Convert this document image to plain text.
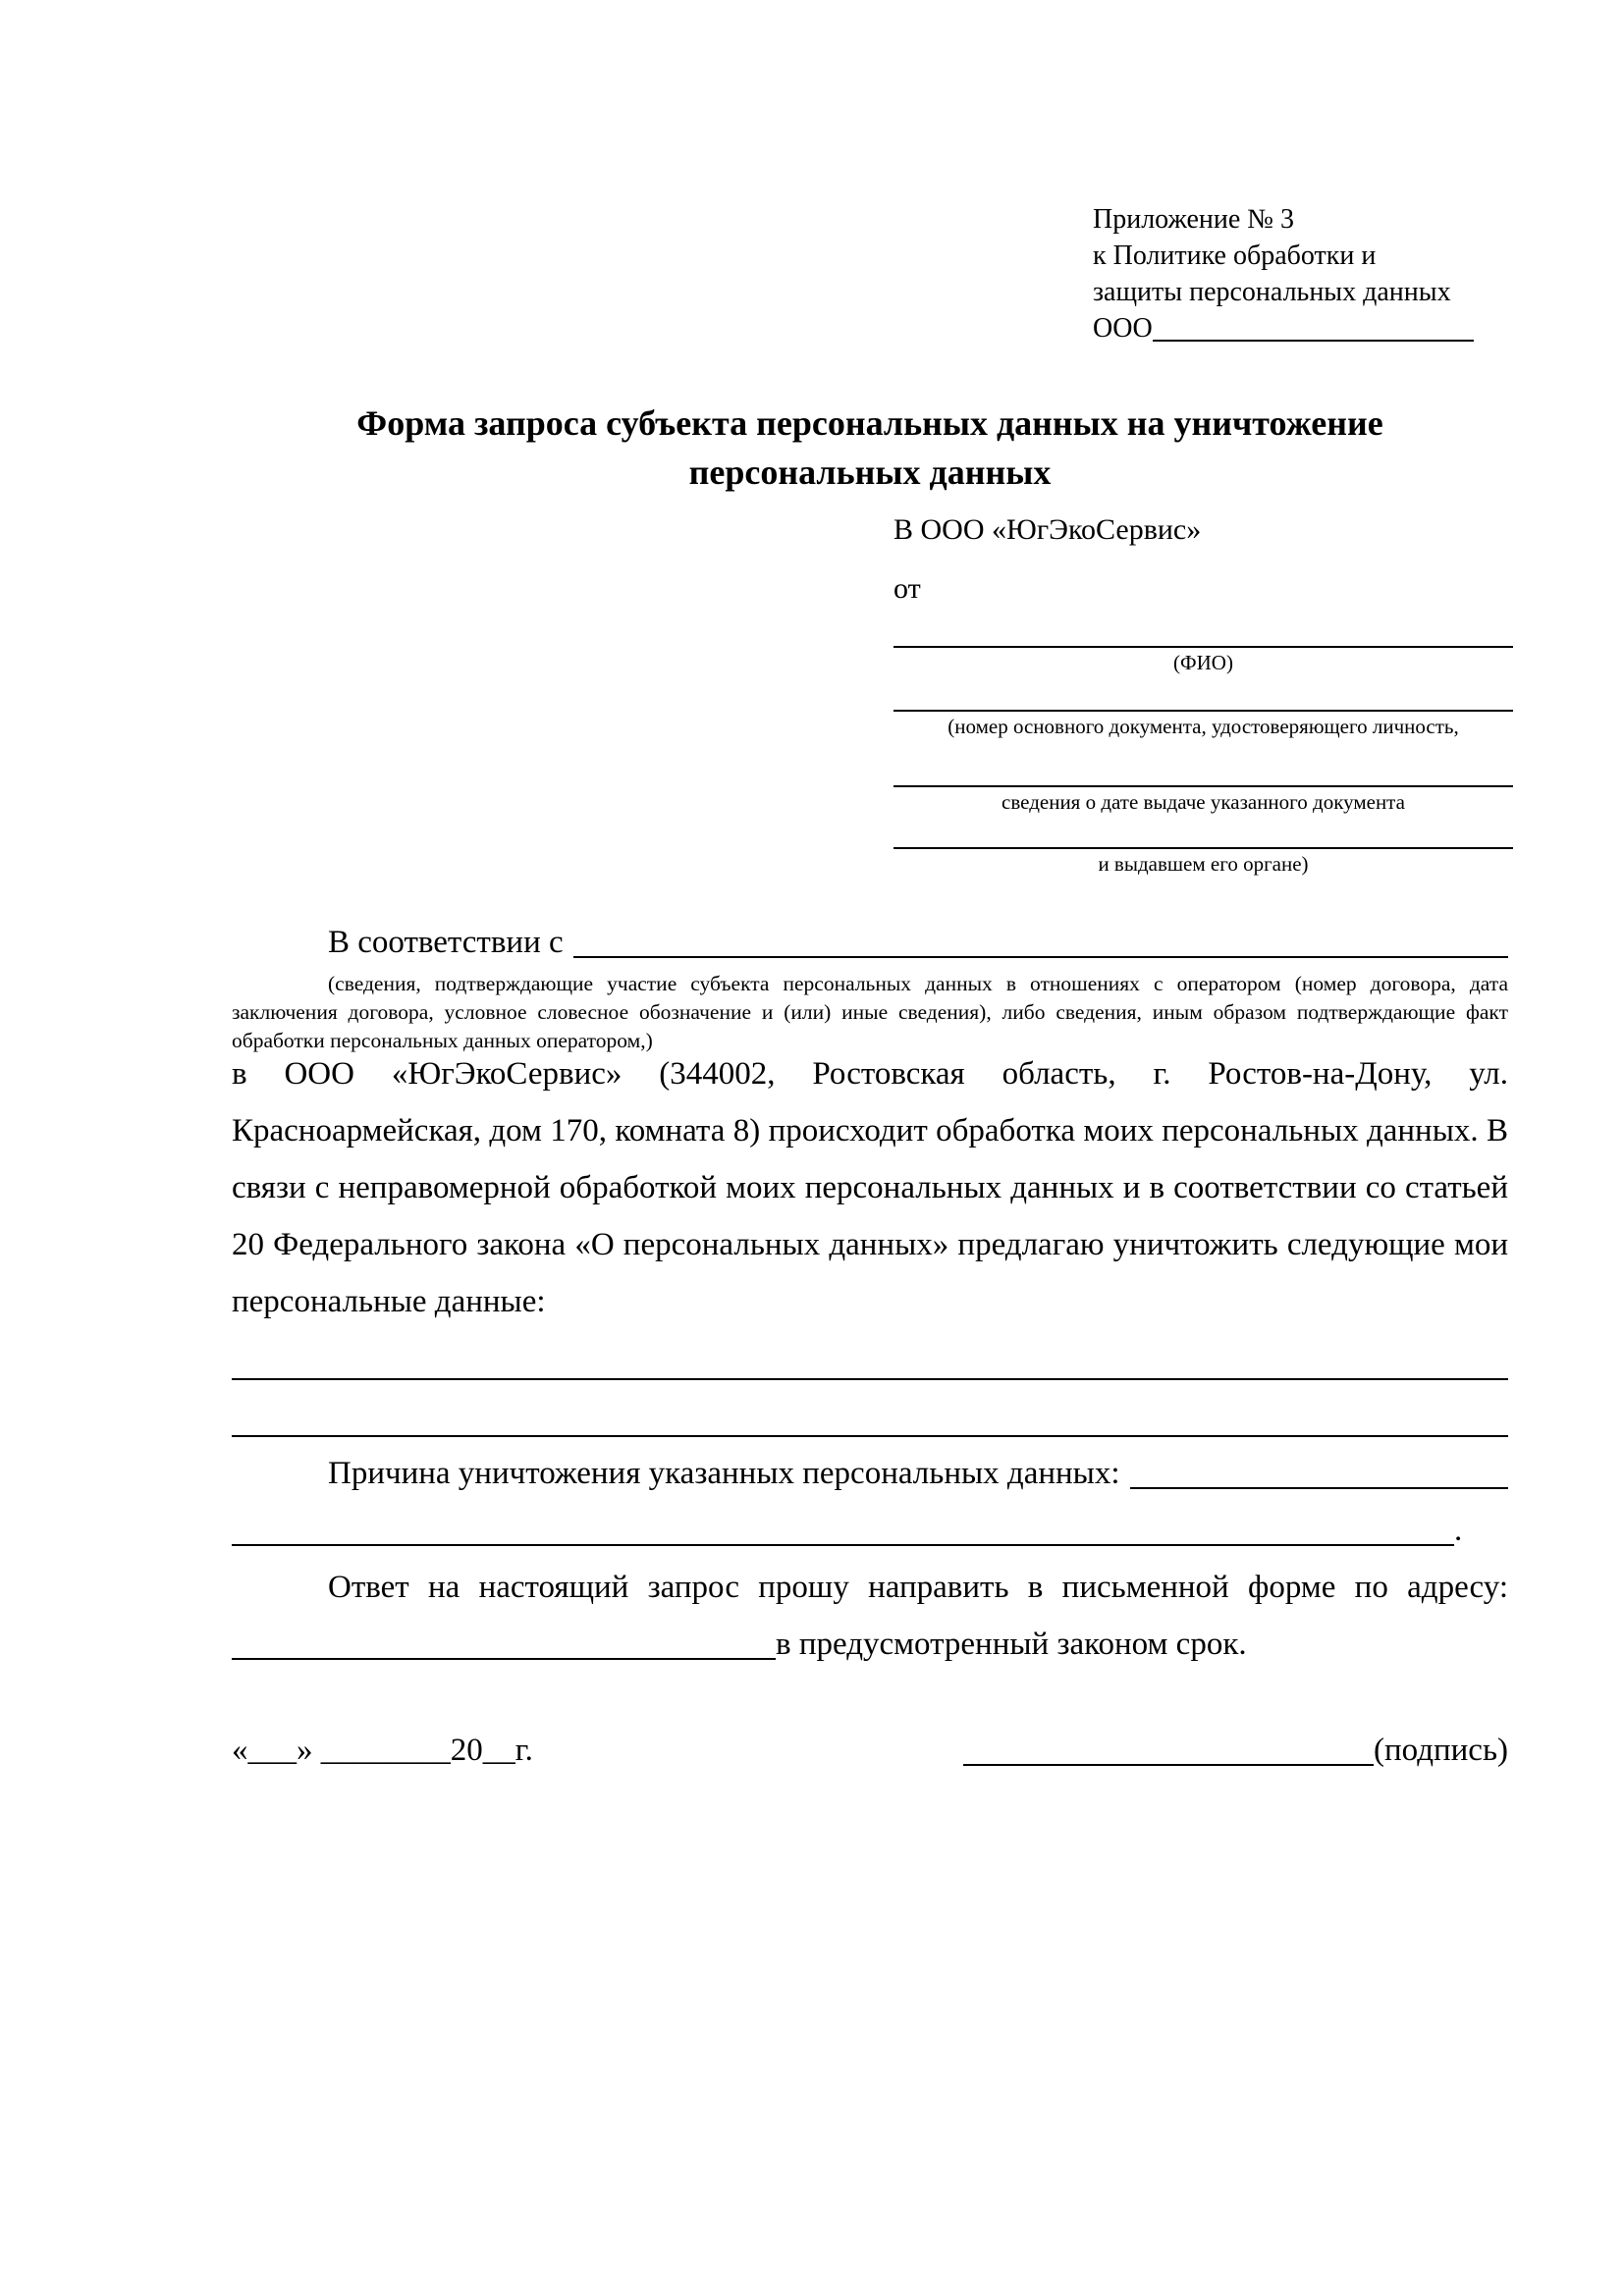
Приложение № 3
к Политике обработки и
защиты персональных данных
ООО
Форма запроса субъекта персональных данных на уничтожение
персональных данных
В ООО «ЮгЭкоСервис»
от
(ФИО)
(номер основного документа, удостоверяющего личность,
сведения о дате выдаче указанного документа
и выдавшем его органе)
В соответствии с
(сведения, подтверждающие участие субъекта персональных данных в отношениях с оператором (номер договора, дата заключения договора, условное словесное обозначение и (или) иные сведения), либо сведения, иным образом подтверждающие факт обработки персональных данных оператором,)
в ООО «ЮгЭкоСервис» (344002, Ростовская область, г. Ростов-на-Дону, ул. Красноармейская, дом 170, комната 8) происходит обработка моих персональных данных. В связи с неправомерной обработкой моих персональных данных и в соответствии со статьей 20 Федерального закона «О персональных данных» предлагаю уничтожить следующие мои персональные данные:
Причина уничтожения указанных персональных данных:
.
Ответ на настоящий запрос прошу направить в письменной форме по адресу:
в предусмотренный законом срок.
«___» ________20__г.	(подпись)
